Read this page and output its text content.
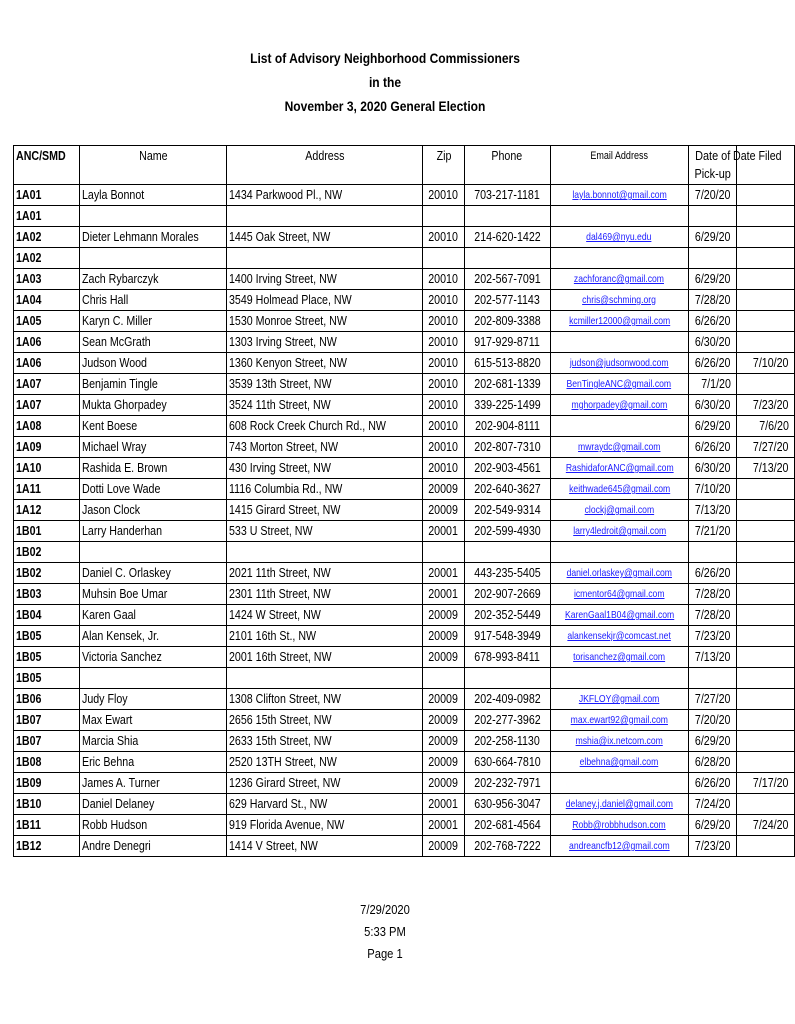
List of Advisory Neighborhood Commissioners
in the
November 3, 2020 General Election
ANC/SMD	Name	Address	Zip	Phone	Email Address	Date of Pick-up	Date Filed
1A01	Layla Bonnot	1434 Parkwood Pl., NW	20010	703-217-1181	layla.bonnot@gmail.com	7/20/20	
1A01							
1A02	Dieter Lehmann Morales	1445 Oak Street, NW	20010	214-620-1422	dal469@nyu.edu	6/29/20	
1A02							
1A03	Zach Rybarczyk	1400 Irving Street, NW	20010	202-567-7091	zachforanc@gmail.com	6/29/20	
1A04	Chris Hall	3549 Holmead Place, NW	20010	202-577-1143	chris@schming.org	7/28/20	
1A05	Karyn C. Miller	1530 Monroe Street, NW	20010	202-809-3388	kcmiller12000@gmail.com	6/26/20	
1A06	Sean McGrath	1303 Irving Street, NW	20010	917-929-8711		6/30/20	
1A06	Judson Wood	1360 Kenyon Street, NW	20010	615-513-8820	judson@judsonwood.com	6/26/20	7/10/20
1A07	Benjamin Tingle	3539 13th Street, NW	20010	202-681-1339	BenTingleANC@gmail.com	7/1/20	
1A07	Mukta Ghorpadey	3524 11th Street, NW	20010	339-225-1499	mghorpadey@gmail.com	6/30/20	7/23/20
1A08	Kent Boese	608 Rock Creek Church Rd., NW	20010	202-904-8111		6/29/20	7/6/20
1A09	Michael Wray	743 Morton Street, NW	20010	202-807-7310	mwraydc@gmail.com	6/26/20	7/27/20
1A10	Rashida E. Brown	430 Irving Street, NW	20010	202-903-4561	RashidaforANC@gmail.com	6/30/20	7/13/20
1A11	Dotti Love Wade	1116 Columbia Rd., NW	20009	202-640-3627	keithwade645@gmail.com	7/10/20	
1A12	Jason Clock	1415 Girard Street, NW	20009	202-549-9314	clockj@gmail.com	7/13/20	
1B01	Larry Handerhan	533 U Street, NW	20001	202-599-4930	larry4ledroit@gmail.com	7/21/20	
1B02							
1B02	Daniel C. Orlaskey	2021 11th Street, NW	20001	443-235-5405	daniel.orlaskey@gmail.com	6/26/20	
1B03	Muhsin Boe Umar	2301 11th Street, NW	20001	202-907-2669	icmentor64@gmail.com	7/28/20	
1B04	Karen Gaal	1424 W Street, NW	20009	202-352-5449	KarenGaal1B04@gmail.com	7/28/20	
1B05	Alan Kensek, Jr.	2101 16th St., NW	20009	917-548-3949	alankensekjr@comcast.net	7/23/20	
1B05	Victoria Sanchez	2001 16th Street, NW	20009	678-993-8411	torisanchez@gmail.com	7/13/20	
1B05							
1B06	Judy Floy	1308 Clifton Street, NW	20009	202-409-0982	JKFLOY@gmail.com	7/27/20	
1B07	Max Ewart	2656 15th Street, NW	20009	202-277-3962	max.ewart92@gmail.com	7/20/20	
1B07	Marcia Shia	2633 15th Street, NW	20009	202-258-1130	mshia@ix.netcom.com	6/29/20	
1B08	Eric Behna	2520 13TH Street, NW	20009	630-664-7810	elbehna@gmail.com	6/28/20	
1B09	James A. Turner	1236 Girard Street, NW	20009	202-232-7971		6/26/20	7/17/20
1B10	Daniel Delaney	629 Harvard St., NW	20001	630-956-3047	delaney.j.daniel@gmail.com	7/24/20	
1B11	Robb Hudson	919 Florida Avenue, NW	20001	202-681-4564	Robb@robbhudson.com	6/29/20	7/24/20
1B12	Andre Denegri	1414 V Street, NW	20009	202-768-7222	andreancfb12@gmail.com	7/23/20	
7/29/2020
5:33 PM
Page 1
